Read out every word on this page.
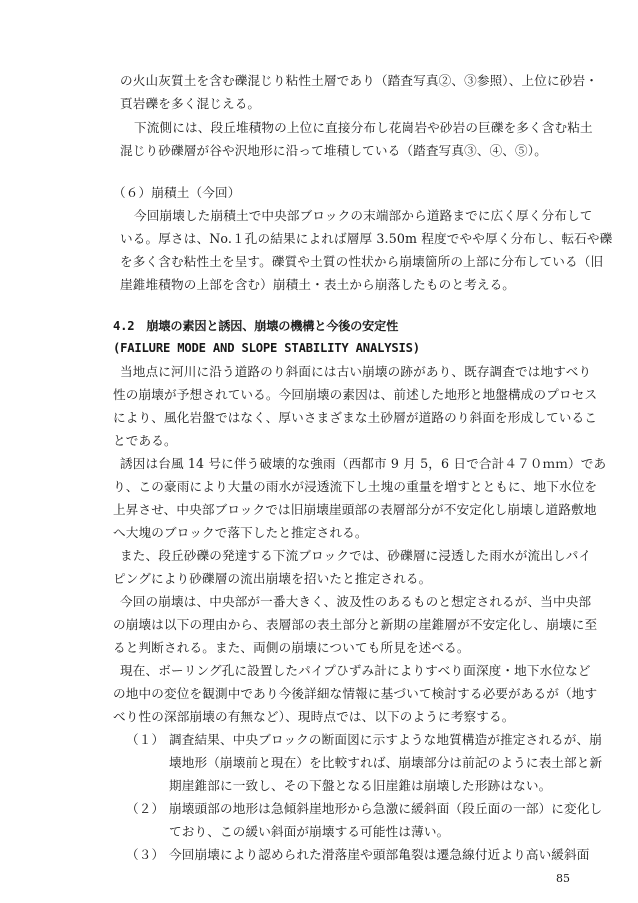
の火山灰質土を含む礫混じり粘性土層であり（踏査写真②、③参照）、上位に砂岩・
頁岩礫を多く混じえる。
下流側には、段丘堆積物の上位に直接分布し花崗岩や砂岩の巨礫を多く含む粘土
混じり砂礫層が谷や沢地形に沿って堆積している（踏査写真③、④、⑤）。
（６）崩積土（今回）
今回崩壊した崩積土で中央部ブロックの末端部から道路までに広く厚く分布して
いる。厚さは、No.１孔の結果によれば層厚 3.50m 程度でやや厚く分布し、転石や礫
を多く含む粘性土を呈す。礫質や土質の性状から崩壊箇所の上部に分布している（旧
崖錐堆積物の上部を含む）崩積土・表土から崩落したものと考える。
4.2　崩壊の素因と誘因、崩壊の機構と今後の安定性
(FAILURE MODE AND SLOPE STABILITY ANALYSIS)
当地点に河川に沿う道路のり斜面には古い崩壊の跡があり、既存調査では地すべり
性の崩壊が予想されている。今回崩壊の素因は、前述した地形と地盤構成のプロセス
により、風化岩盤ではなく、厚いさまざまな土砂層が道路のり斜面を形成しているこ
とである。
誘因は台風 14 号に伴う破壊的な強雨（西都市 9 月 5，6 日で合計４７０ｍｍ）であ
り、この豪雨により大量の雨水が浸透流下し土塊の重量を増すとともに、地下水位を
上昇させ、中央部ブロックでは旧崩壊崖頭部の表層部分が不安定化し崩壊し道路敷地
へ大塊のブロックで落下したと推定される。
また、段丘砂礫の発達する下流ブロックでは、砂礫層に浸透した雨水が流出しパイ
ピングにより砂礫層の流出崩壊を招いたと推定される。
今回の崩壊は、中央部が一番大きく、波及性のあるものと想定されるが、当中央部
の崩壊は以下の理由から、表層部の表土部分と新期の崖錐層が不安定化し、崩壊に至
ると判断される。また、両側の崩壊についても所見を述べる。
現在、ボーリング孔に設置したパイプひずみ計によりすべり面深度・地下水位など
の地中の変位を観測中であり今後詳細な情報に基づいて検討する必要があるが（地す
べり性の深部崩壊の有無など）、現時点では、以下のように考察する。
（１） 調査結果、中央ブロックの断面図に示すような地質構造が推定されるが、崩
壊地形（崩壊前と現在）を比較すれば、崩壊部分は前記のように表土部と新
期崖錐部に一致し、その下盤となる旧崖錐は崩壊した形跡はない。
（２） 崩壊頭部の地形は急傾斜崖地形から急激に緩斜面（段丘面の一部）に変化し
ており、この緩い斜面が崩壊する可能性は薄い。
（３） 今回崩壊により認められた滑落崖や頭部亀裂は遷急線付近より高い緩斜面
85
